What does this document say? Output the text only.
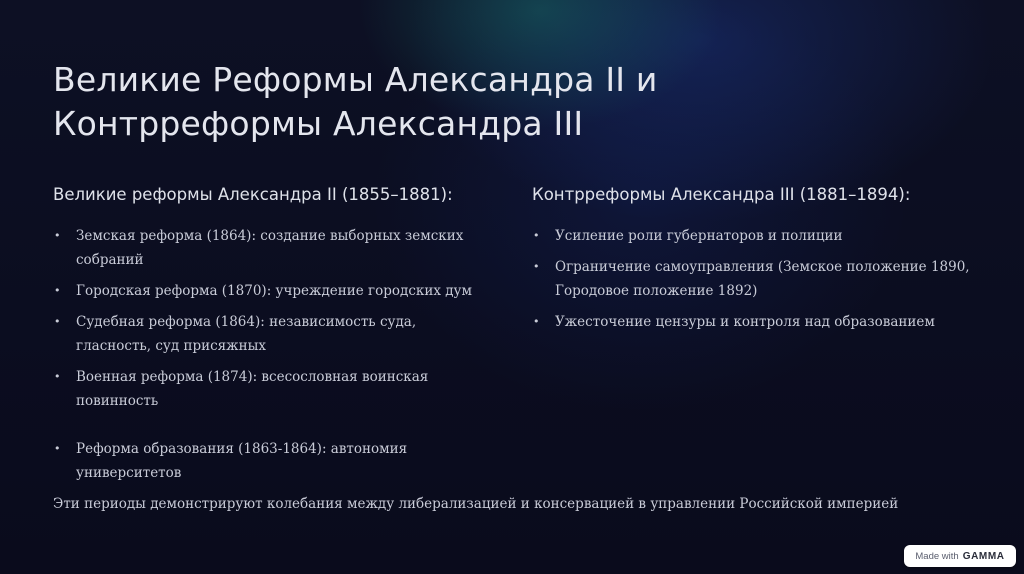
Великие Реформы Александра II и Контрреформы Александра III
Великие реформы Александра II (1855–1881):
• Земская реформа (1864): создание выборных земских собраний
• Городская реформа (1870): учреждение городских дум
• Судебная реформа (1864): независимость суда, гласность, суд присяжных
• Военная реформа (1874): всесословная воинская повинность
• Реформа образования (1863-1864): автономия университетов
Контрреформы Александра III (1881–1894):
• Усиление роли губернаторов и полиции
• Ограничение самоуправления (Земское положение 1890, Городовое положение 1892)
• Ужесточение цензуры и контроля над образованием

Эти периоды демонстрируют колебания между либерализацией и консервацией в управлении Российской империей

Made with GAMMA
